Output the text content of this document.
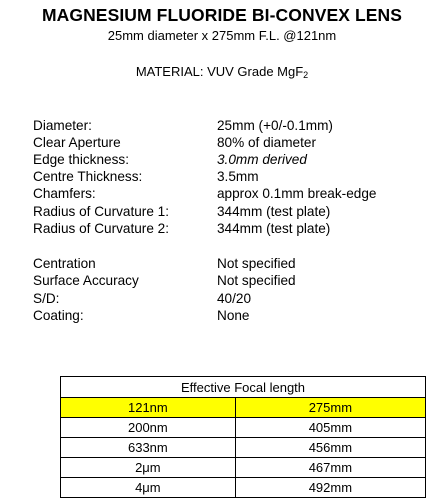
MAGNESIUM FLUORIDE BI-CONVEX LENS
25mm diameter x 275mm F.L. @121nm
MATERIAL: VUV Grade MgF$_2$
Diameter:	25mm (+0/-0.1mm)
Clear Aperture	80% of diameter
Edge thickness:	3.0mm derived
Centre Thickness:	3.5mm
Chamfers:	approx 0.1mm break-edge
Radius of Curvature 1:	344mm (test plate)
Radius of Curvature 2:	344mm (test plate)
Centration	Not specified
Surface Accuracy	Not specified
S/D:	40/20
Coating:	None
Effective Focal length	
121nm	275mm
200nm	405mm
633nm	456mm
2μm	467mm
4μm	492mm
